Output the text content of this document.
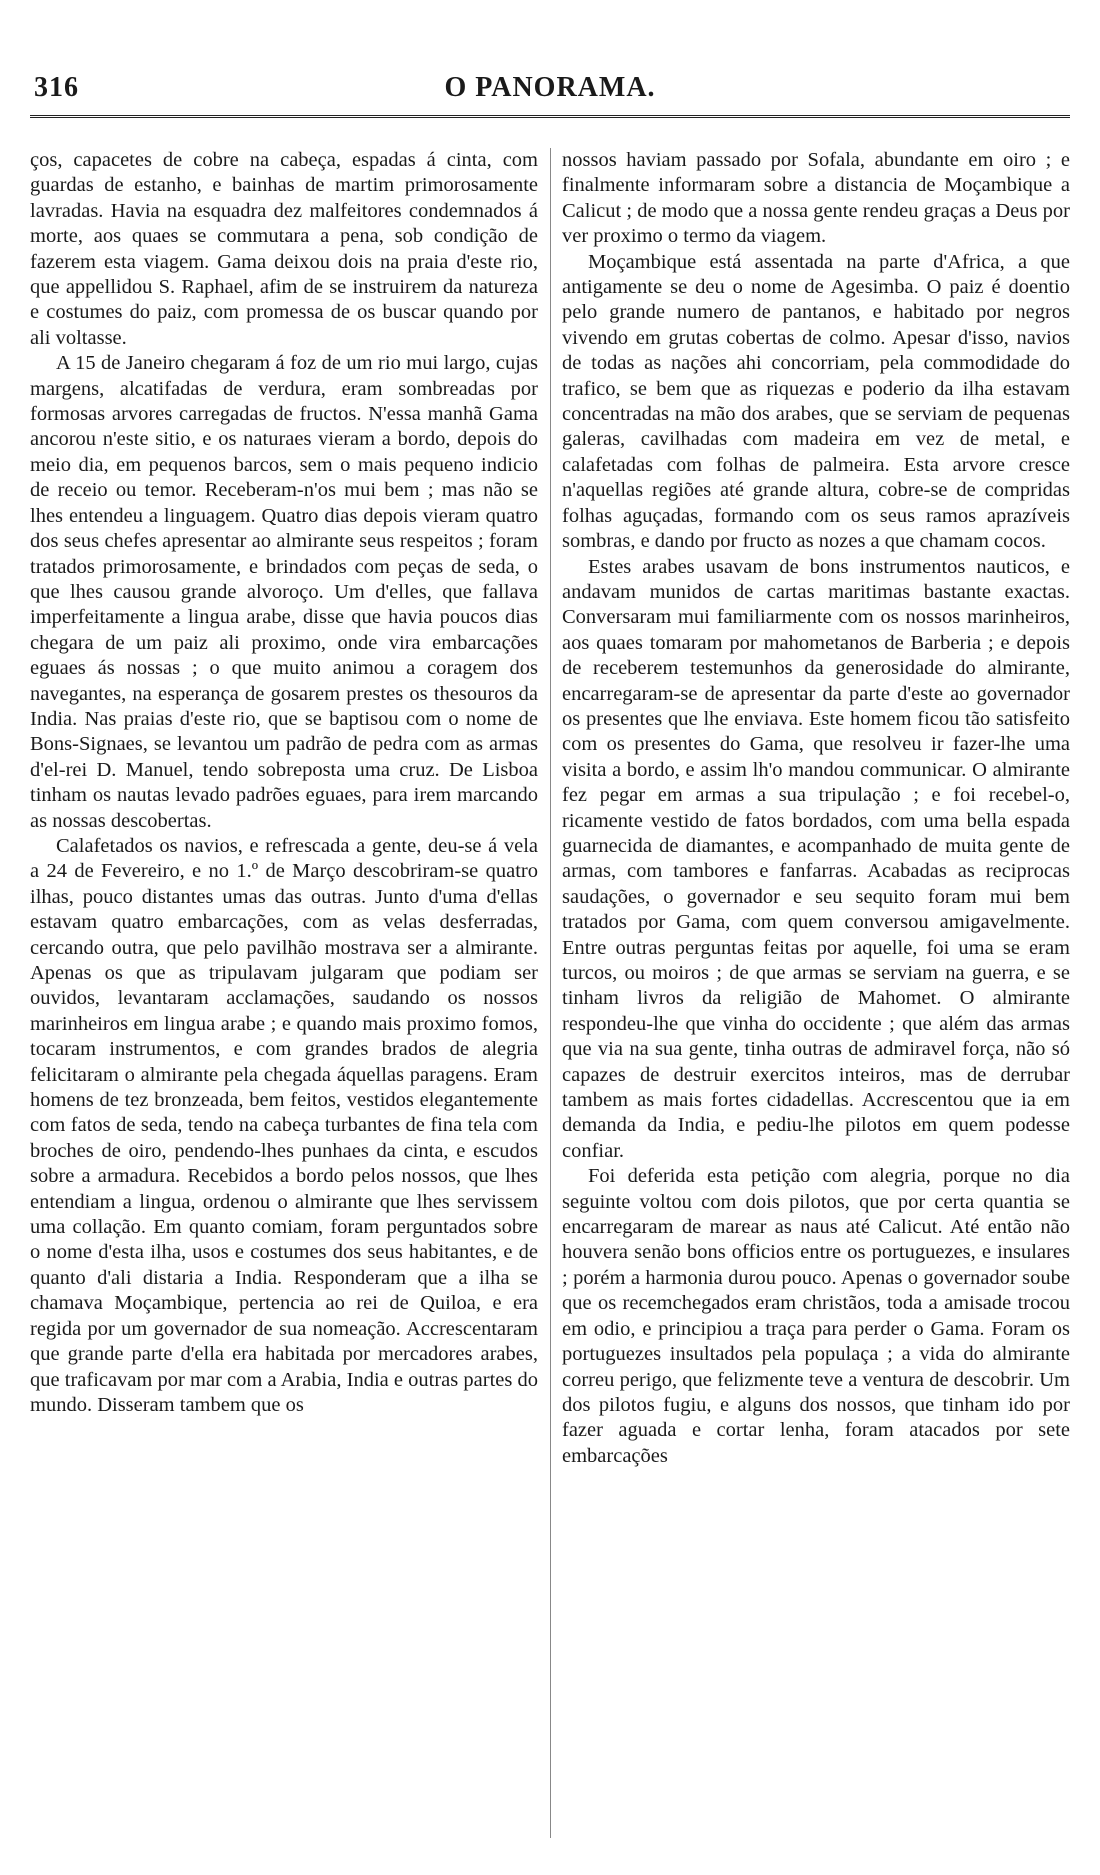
316	O PANORAMA.

ços, capacetes de cobre na cabeça, espadas á cinta, com guardas de estanho, e bainhas de martim primorosamente lavradas. Havia na esquadra dez malfeitores condemnados á morte, aos quaes se commutara a pena, sob condição de fazerem esta viagem. Gama deixou dois na praia d'este rio, que appellidou S. Raphael, afim de se instruirem da natureza e costumes do paiz, com promessa de os buscar quando por ali voltasse.

A 15 de Janeiro chegaram á foz de um rio mui largo, cujas margens, alcatifadas de verdura, eram sombreadas por formosas arvores carregadas de fructos. N'essa manhã Gama ancorou n'este sitio, e os naturaes vieram a bordo, depois do meio dia, em pequenos barcos, sem o mais pequeno indicio de receio ou temor. Receberam-n'os mui bem ; mas não se lhes entendeu a linguagem. Quatro dias depois vieram quatro dos seus chefes apresentar ao almirante seus respeitos ; foram tratados primorosamente, e brindados com peças de seda, o que lhes causou grande alvoroço. Um d'elles, que fallava imperfeitamente a lingua arabe, disse que havia poucos dias chegara de um paiz ali proximo, onde vira embarcações eguaes ás nossas ; o que muito animou a coragem dos navegantes, na esperança de gosarem prestes os thesouros da India. Nas praias d'este rio, que se baptisou com o nome de Bons-Signaes, se levantou um padrão de pedra com as armas d'el-rei D. Manuel, tendo sobreposta uma cruz. De Lisboa tinham os nautas levado padrões eguaes, para irem marcando as nossas descobertas.

Calafetados os navios, e refrescada a gente, deu-se á vela a 24 de Fevereiro, e no 1.º de Março descobriram-se quatro ilhas, pouco distantes umas das outras. Junto d'uma d'ellas estavam quatro embarcações, com as velas desferradas, cercando outra, que pelo pavilhão mostrava ser a almirante. Apenas os que as tripulavam julgaram que podiam ser ouvidos, levantaram acclamações, saudando os nossos marinheiros em lingua arabe ; e quando mais proximo fomos, tocaram instrumentos, e com grandes brados de alegria felicitaram o almirante pela chegada áquellas paragens. Eram homens de tez bronzeada, bem feitos, vestidos elegantemente com fatos de seda, tendo na cabeça turbantes de fina tela com broches de oiro, pendendo-lhes punhaes da cinta, e escudos sobre a armadura. Recebidos a bordo pelos nossos, que lhes entendiam a lingua, ordenou o almirante que lhes servissem uma collação. Em quanto comiam, foram perguntados sobre o nome d'esta ilha, usos e costumes dos seus habitantes, e de quanto d'ali distaria a India. Responderam que a ilha se chamava Moçambique, pertencia ao rei de Quiloa, e era regida por um governador de sua nomeação. Accrescentaram que grande parte d'ella era habitada por mercadores arabes, que traficavam por mar com a Arabia, India e outras partes do mundo. Disseram tambem que os

nossos haviam passado por Sofala, abundante em oiro ; e finalmente informaram sobre a distancia de Moçambique a Calicut ; de modo que a nossa gente rendeu graças a Deus por ver proximo o termo da viagem.

Moçambique está assentada na parte d'Africa, a que antigamente se deu o nome de Agesimba. O paiz é doentio pelo grande numero de pantanos, e habitado por negros vivendo em grutas cobertas de colmo. Apesar d'isso, navios de todas as nações ahi concorriam, pela commodidade do trafico, se bem que as riquezas e poderio da ilha estavam concentradas na mão dos arabes, que se serviam de pequenas galeras, cavilhadas com madeira em vez de metal, e calafetadas com folhas de palmeira. Esta arvore cresce n'aquellas regiões até grande altura, cobre-se de compridas folhas aguçadas, formando com os seus ramos aprazíveis sombras, e dando por fructo as nozes a que chamam cocos.

Estes arabes usavam de bons instrumentos nauticos, e andavam munidos de cartas maritimas bastante exactas. Conversaram mui familiarmente com os nossos marinheiros, aos quaes tomaram por mahometanos de Barberia ; e depois de receberem testemunhos da generosidade do almirante, encarregaram-se de apresentar da parte d'este ao governador os presentes que lhe enviava. Este homem ficou tão satisfeito com os presentes do Gama, que resolveu ir fazer-lhe uma visita a bordo, e assim lh'o mandou communicar. O almirante fez pegar em armas a sua tripulação ; e foi recebel-o, ricamente vestido de fatos bordados, com uma bella espada guarnecida de diamantes, e acompanhado de muita gente de armas, com tambores e fanfarras. Acabadas as reciprocas saudações, o governador e seu sequito foram mui bem tratados por Gama, com quem conversou amigavelmente. Entre outras perguntas feitas por aquelle, foi uma se eram turcos, ou moiros ; de que armas se serviam na guerra, e se tinham livros da religião de Mahomet. O almirante respondeu-lhe que vinha do occidente ; que além das armas que via na sua gente, tinha outras de admiravel força, não só capazes de destruir exercitos inteiros, mas de derrubar tambem as mais fortes cidadellas. Accrescentou que ia em demanda da India, e pediu-lhe pilotos em quem podesse confiar.

Foi deferida esta petição com alegria, porque no dia seguinte voltou com dois pilotos, que por certa quantia se encarregaram de marear as naus até Calicut. Até então não houvera senão bons officios entre os portuguezes, e insulares ; porém a harmonia durou pouco. Apenas o governador soube que os recemchegados eram christãos, toda a amisade trocou em odio, e principiou a traça para perder o Gama. Foram os portuguezes insultados pela populaça ; a vida do almirante correu perigo, que felizmente teve a ventura de descobrir. Um dos pilotos fugiu, e alguns dos nossos, que tinham ido por fazer aguada e cortar lenha, foram atacados por sete embarcações
